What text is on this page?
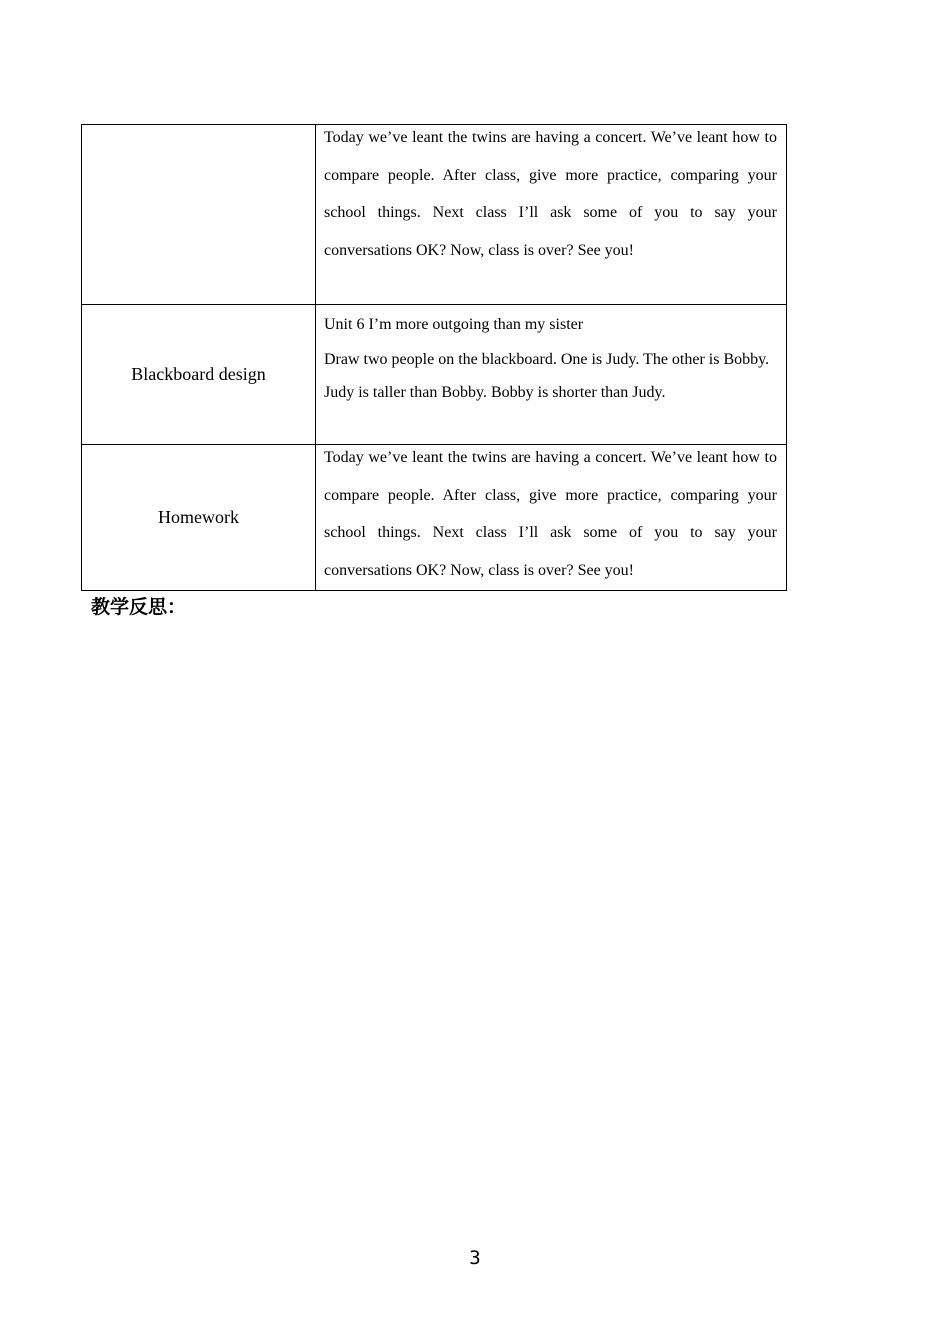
	Today we’ve leant the twins are having a concert. We’ve leant how to compare people. After class, give more practice, comparing your school things. Next class I’ll ask some of you to say your conversations OK? Now, class is over? See you!

Blackboard design	Unit 6 I’m more outgoing than my sister

Draw two people on the blackboard. One is Judy. The other is Bobby.

Judy is taller than Bobby. Bobby is shorter than Judy.

Homework	Today we’ve leant the twins are having a concert. We’ve leant how to compare people. After class, give more practice, comparing your school things. Next class I’ll ask some of you to say your conversations OK? Now, class is over? See you!

教学反思：
3
